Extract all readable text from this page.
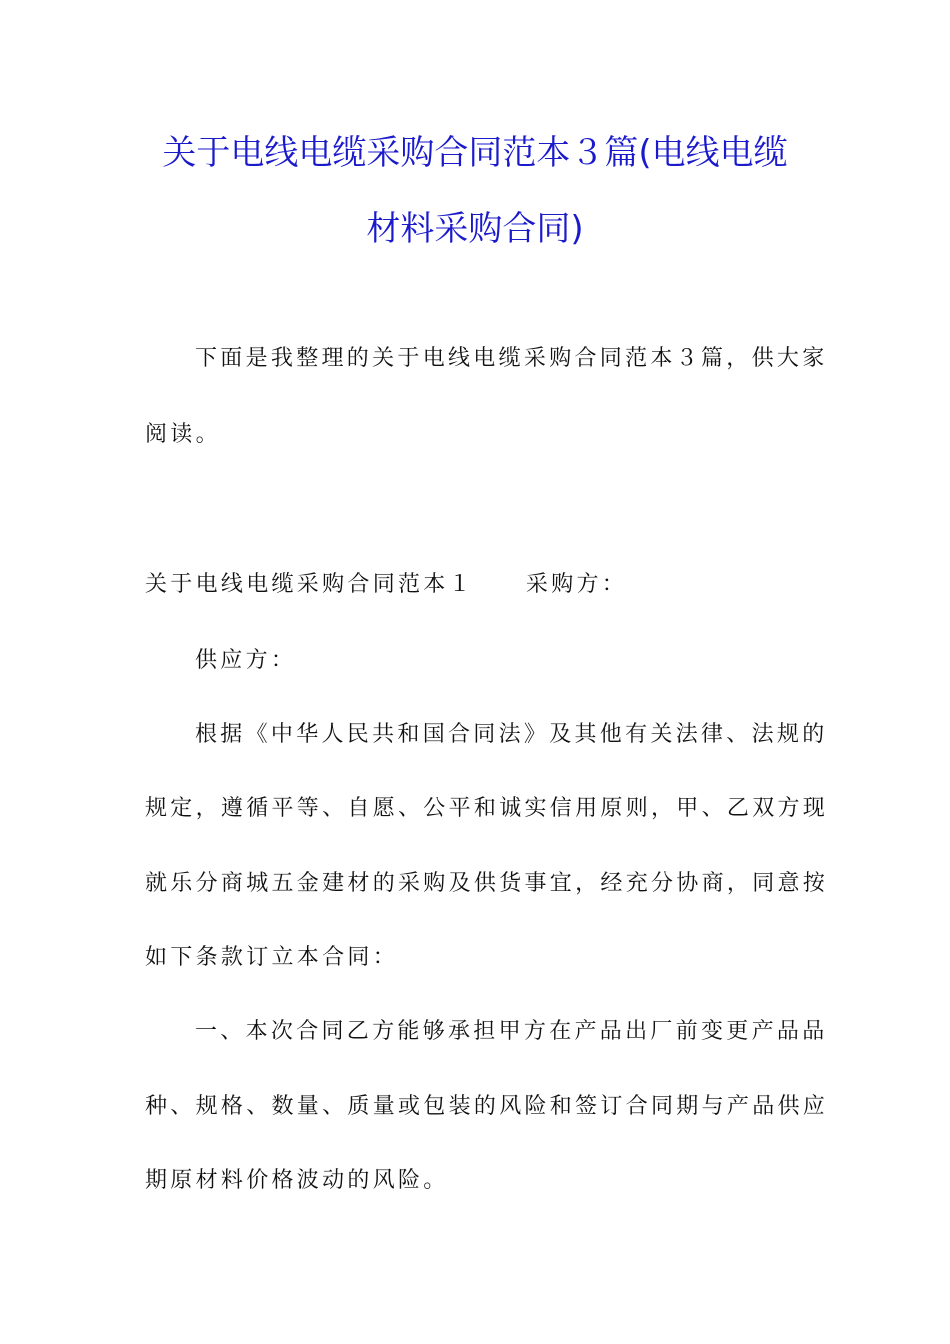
关于电线电缆采购合同范本３篇(电线电缆
材料采购合同)
下面是我整理的关于电线电缆采购合同范本３篇，供大家
阅读。
关于电线电缆采购合同范本１ 采购方：
供应方：
根据《中华人民共和国合同法》及其他有关法律、法规的
规定，遵循平等、自愿、公平和诚实信用原则，甲、乙双方现
就乐分商城五金建材的采购及供货事宜，经充分协商，同意按
如下条款订立本合同：
一、本次合同乙方能够承担甲方在产品出厂前变更产品品
种、规格、数量、质量或包装的风险和签订合同期与产品供应
期原材料价格波动的风险。
